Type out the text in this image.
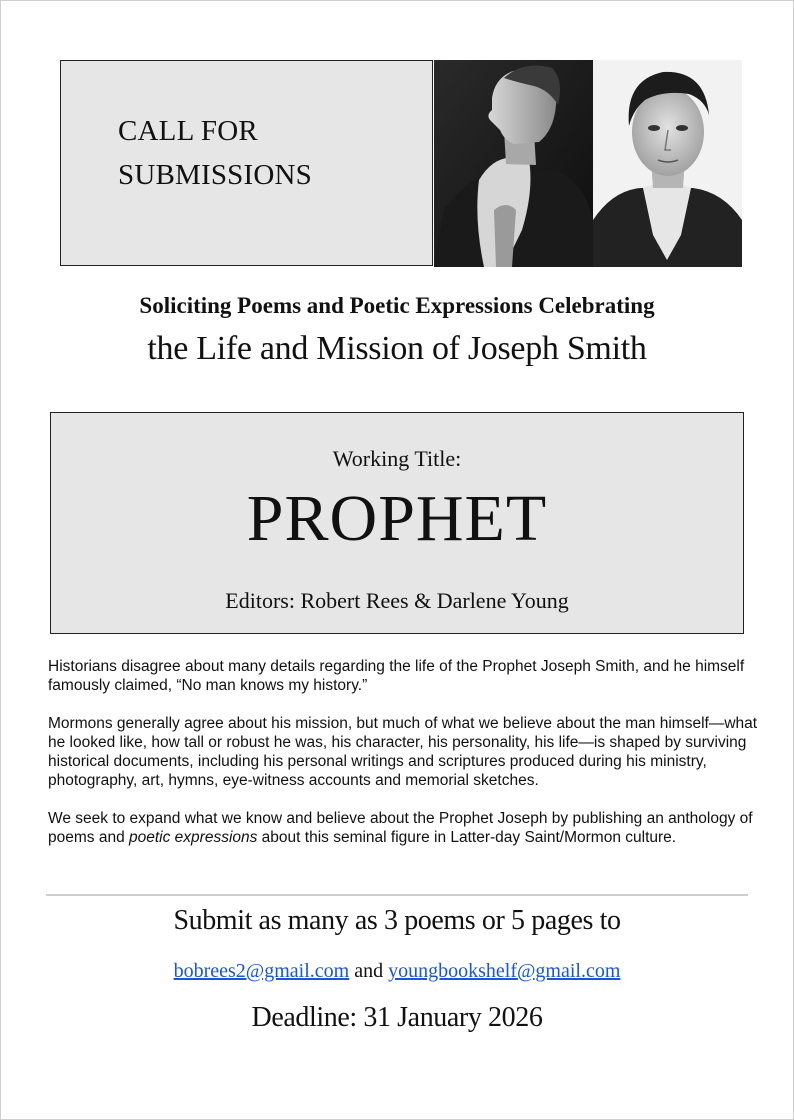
CALL FOR
SUBMISSIONS
Soliciting Poems and Poetic Expressions Celebrating
the Life and Mission of Joseph Smith
Working Title:
PROPHET
Editors: Robert Rees & Darlene Young

Historians disagree about many details regarding the life of the Prophet Joseph Smith, and he himself famously claimed, “No man knows my history.”

Mormons generally agree about his mission, but much of what we believe about the man himself—what he looked like, how tall or robust he was, his character, his personality, his life—is shaped by surviving historical documents, including his personal writings and scriptures produced during his ministry, photography, art, hymns, eye-witness accounts and memorial sketches.

We seek to expand what we know and believe about the Prophet Joseph by publishing an anthology of poems and poetic expressions about this seminal figure in Latter-day Saint/Mormon culture.

Submit as many as 3 poems or 5 pages to
bobrees2@gmail.com and youngbookshelf@gmail.com
Deadline: 31 January 2026
